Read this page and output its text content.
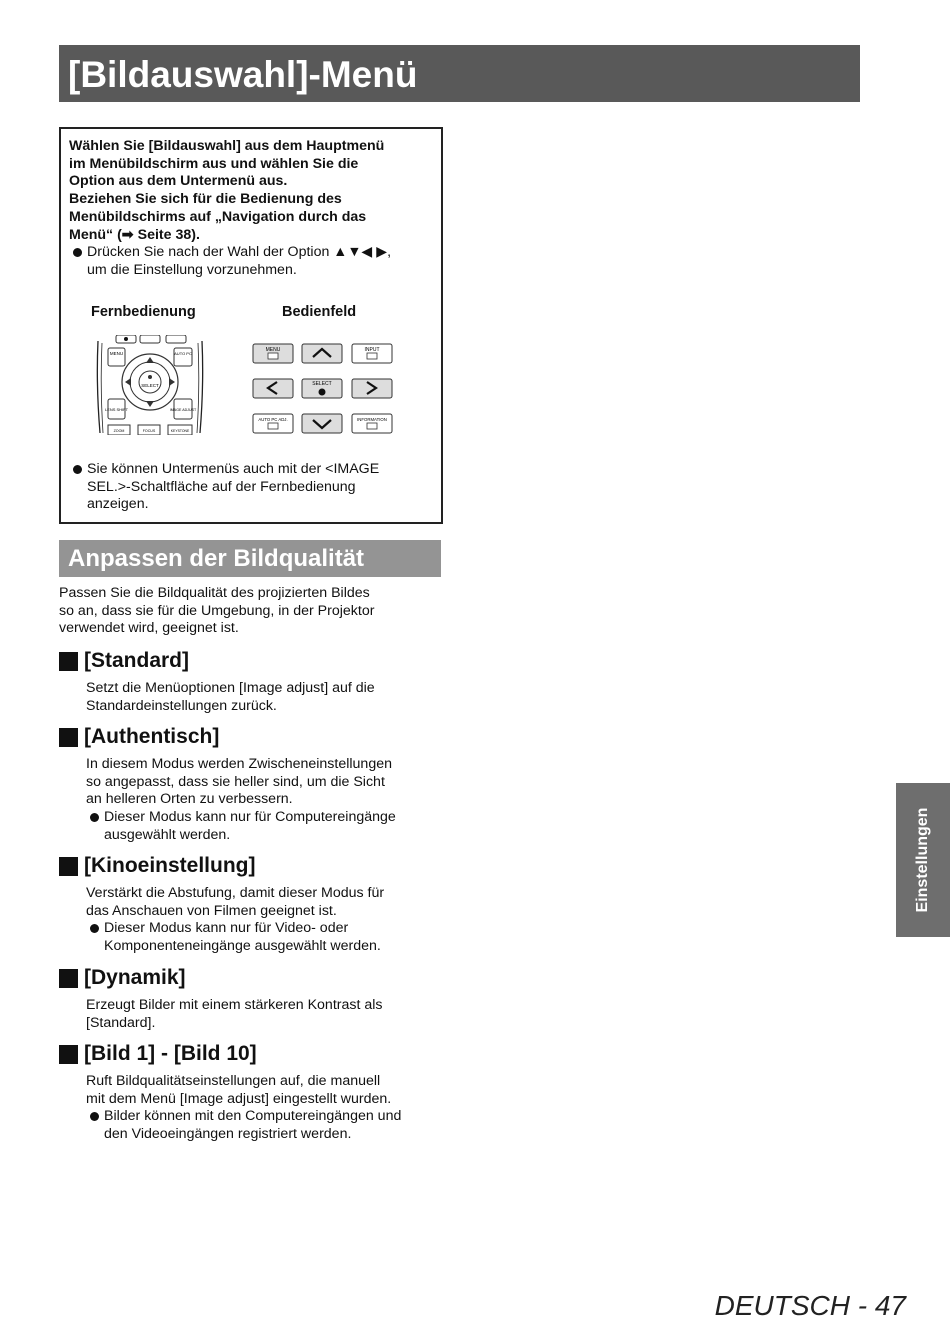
[Bildauswahl]-Menü
Wählen Sie [Bildauswahl] aus dem Hauptmenü
im Menübildschirm aus und wählen Sie die
Option aus dem Untermenü aus.
Beziehen Sie sich für die Bedienung des
Menübildschirms auf „Navigation durch das
Menü“ (➡ Seite 38).
Drücken Sie nach der Wahl der Option ▲▼◀ ▶,
um die Einstellung vorzunehmen.
Fernbedienung	Bedienfeld
MENU	AUTO PC
SELECT
LENS SHIFT	IMAGE ADJUST
ZOOM	FOCUS	KEYSTONE
MENU	INPUT
SELECT
AUTO PC ADJ.	INFORMATION
Sie können Untermenüs auch mit der <IMAGE
SEL.>-Schaltfläche auf der Fernbedienung
anzeigen.
Anpassen der Bildqualität
Passen Sie die Bildqualität des projizierten Bildes
so an, dass sie für die Umgebung, in der Projektor
verwendet wird, geeignet ist.
[Standard]
Setzt die Menüoptionen [Image adjust] auf die
Standardeinstellungen zurück.
[Authentisch]
In diesem Modus werden Zwischeneinstellungen
so angepasst, dass sie heller sind, um die Sicht
an helleren Orten zu verbessern.
Dieser Modus kann nur für Computereingänge
ausgewählt werden.
[Kinoeinstellung]
Verstärkt die Abstufung, damit dieser Modus für
das Anschauen von Filmen geeignet ist.
Dieser Modus kann nur für Video- oder
Komponenteneingänge ausgewählt werden.
[Dynamik]
Erzeugt Bilder mit einem stärkeren Kontrast als
[Standard].
[Bild 1] - [Bild 10]
Ruft Bildqualitätseinstellungen auf, die manuell
mit dem Menü [Image adjust] eingestellt wurden.
Bilder können mit den Computereingängen und
den Videoeingängen registriert werden.
Einstellungen
DEUTSCH - 47
